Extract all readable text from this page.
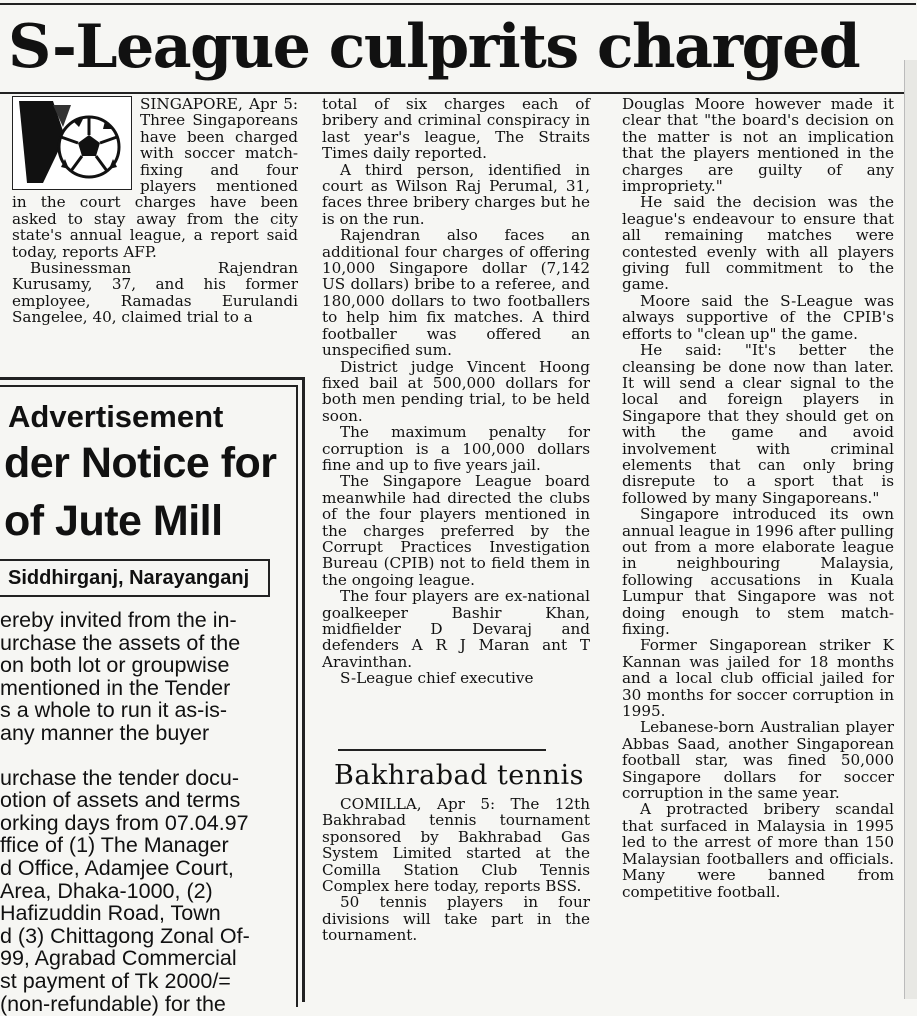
S-League culprits charged

SINGAPORE, Apr 5: Three Singaporeans have been charged with soccer match-fixing and four players mentioned in the court charges have been asked to stay away from the city state's annual league, a report said today, reports AFP.

Businessman Rajendran Kurusamy, 37, and his former employee, Ramadas Eurulandi Sangelee, 40, claimed trial to a

Advertisement
der Notice for
of Jute Mill
Siddhirganj, Narayanganj
ereby invited from the in-
urchase the assets of the
on both lot or groupwise
mentioned in the Tender
s a whole to run it as-is-
any manner the buyer
urchase the tender docu-
otion of assets and terms
orking days from 07.04.97
ffice of (1) The Manager
d Office, Adamjee Court,
Area, Dhaka-1000, (2)
Hafizuddin Road, Town
d (3) Chittagong Zonal Of-
99, Agrabad Commercial
st payment of Tk 2000/=
(non-refundable) for the

total of six charges each of bribery and criminal conspiracy in last year's league, The Straits Times daily reported.

A third person, identified in court as Wilson Raj Perumal, 31, faces three bribery charges but he is on the run.

Rajendran also faces an additional four charges of offering 10,000 Singapore dollar (7,142 US dollars) bribe to a referee, and 180,000 dollars to two footballers to help him fix matches. A third footballer was offered an unspecified sum.

District judge Vincent Hoong fixed bail at 500,000 dollars for both men pending trial, to be held soon.

The maximum penalty for corruption is a 100,000 dollars fine and up to five years jail.

The Singapore League board meanwhile had directed the clubs of the four players mentioned in the charges preferred by the Corrupt Practices Investigation Bureau (CPIB) not to field them in the ongoing league.

The four players are ex-national goalkeeper Bashir Khan, midfielder D Devaraj and defenders A R J Maran ant T Aravinthan.

S-League chief executive

Bakhrabad tennis

COMILLA, Apr 5: The 12th Bakhrabad tennis tournament sponsored by Bakhrabad Gas System Limited started at the Comilla Station Club Tennis Complex here today, reports BSS.

50 tennis players in four divisions will take part in the tournament.

Douglas Moore however made it clear that "the board's decision on the matter is not an implication that the players mentioned in the charges are guilty of any impropriety."

He said the decision was the league's endeavour to ensure that all remaining matches were contested evenly with all players giving full commitment to the game.

Moore said the S-League was always supportive of the CPIB's efforts to "clean up" the game.

He said: "It's better the cleansing be done now than later. It will send a clear signal to the local and foreign players in Singapore that they should get on with the game and avoid involvement with criminal elements that can only bring disrepute to a sport that is followed by many Singaporeans."

Singapore introduced its own annual league in 1996 after pulling out from a more elaborate league in neighbouring Malaysia, following accusations in Kuala Lumpur that Singapore was not doing enough to stem match-fixing.

Former Singaporean striker K Kannan was jailed for 18 months and a local club official jailed for 30 months for soccer corruption in 1995.

Lebanese-born Australian player Abbas Saad, another Singaporean football star, was fined 50,000 Singapore dollars for soccer corruption in the same year.

A protracted bribery scandal that surfaced in Malaysia in 1995 led to the arrest of more than 150 Malaysian footballers and officials. Many were banned from competitive football.
